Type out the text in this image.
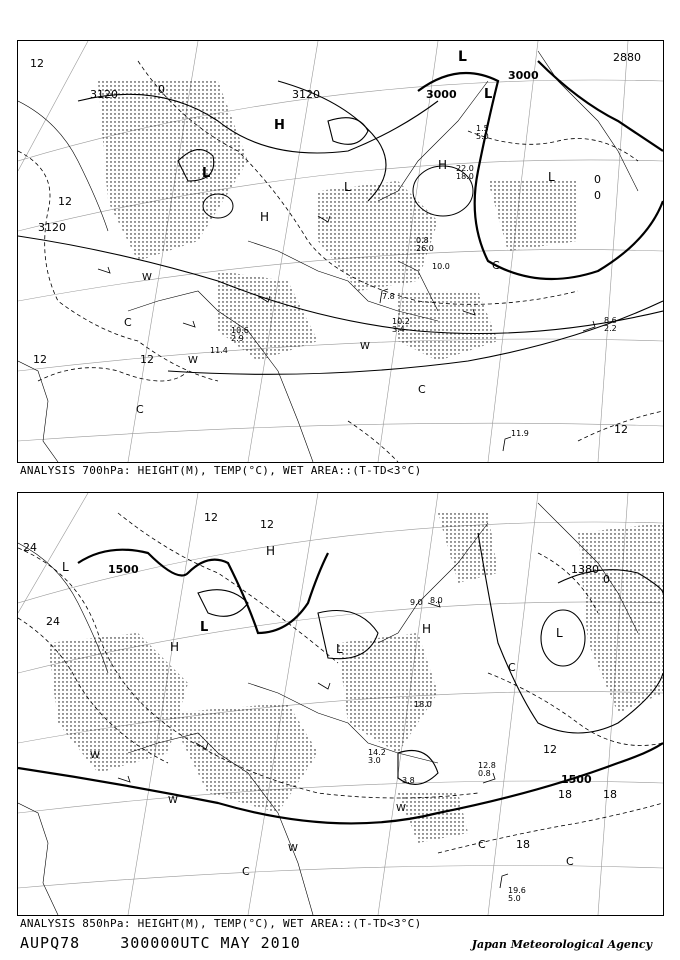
3120	3120
3120
3000
3000
2880
12
12
12	12
12
0
0
0
H
H
H
L
L
L
L
L
W
W
W
C
C
C
C
11.9
10.2
3.4
7.8
10.6
2.9
11.4
22.0
18.0
10.0
26.0
0.8
8.6
2.2
1.5
5.0
ANALYSIS 700hPa: HEIGHT(M), TEMP(°C), WET AREA::(T-TD<3°C)
1500	1380
1500
24
24
18
18	18
12
12
12
0
H
H
H
L
L
L
L
W
W
W
W
C
C
C
C
19.6
5.0
12.8
0.8
14.2
3.0
9.0 8.0
18.0
3.8
ANALYSIS 850hPa: HEIGHT(M), TEMP(°C), WET AREA::(T-TD<3°C)
AUPQ78	300000UTC MAY 2010	Japan Meteorological Agency
